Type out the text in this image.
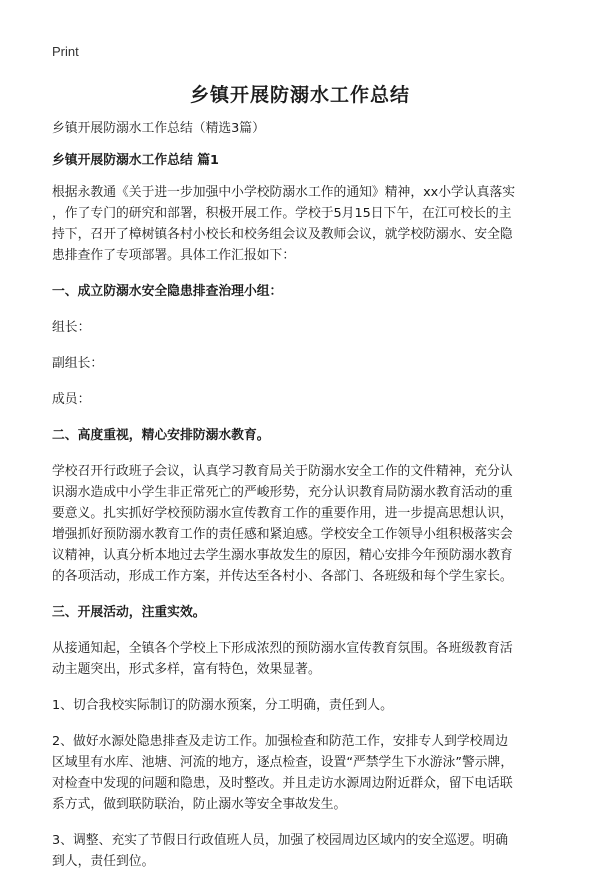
Print
乡镇开展防溺水工作总结

乡镇开展防溺水工作总结（精选3篇）

乡镇开展防溺水工作总结 篇1

根据永教通《关于进一步加强中小学校防溺水工作的通知》精神，xx小学认真落实

，作了专门的研究和部署，积极开展工作。学校于5月15日下午，在江可校长的主

持下，召开了樟树镇各村小校长和校务组会议及教师会议，就学校防溺水、安全隐

患排查作了专项部署。具体工作汇报如下：

一、成立防溺水安全隐患排查治理小组：

组长：

副组长：

成员：

二、高度重视，精心安排防溺水教育。

学校召开行政班子会议，认真学习教育局关于防溺水安全工作的文件精神，充分认

识溺水造成中小学生非正常死亡的严峻形势，充分认识教育局防溺水教育活动的重

要意义。扎实抓好学校预防溺水宣传教育工作的重要作用，进一步提高思想认识，

增强抓好预防溺水教育工作的责任感和紧迫感。学校安全工作领导小组积极落实会

议精神，认真分析本地过去学生溺水事故发生的原因，精心安排今年预防溺水教育

的各项活动，形成工作方案，并传达至各村小、各部门、各班级和每个学生家长。

三、开展活动，注重实效。

从接通知起，全镇各个学校上下形成浓烈的预防溺水宣传教育氛围。各班级教育活

动主题突出，形式多样，富有特色，效果显著。

1、切合我校实际制订的防溺水预案，分工明确，责任到人。

2、做好水源处隐患排查及走访工作。加强检查和防范工作，安排专人到学校周边

区域里有水库、池塘、河流的地方，逐点检查，设置“严禁学生下水游泳”警示牌，

对检查中发现的问题和隐患，及时整改。并且走访水源周边附近群众，留下电话联

系方式，做到联防联治，防止溺水等安全事故发生。

3、调整、充实了节假日行政值班人员，加强了校园周边区域内的安全巡逻。明确

到人，责任到位。
